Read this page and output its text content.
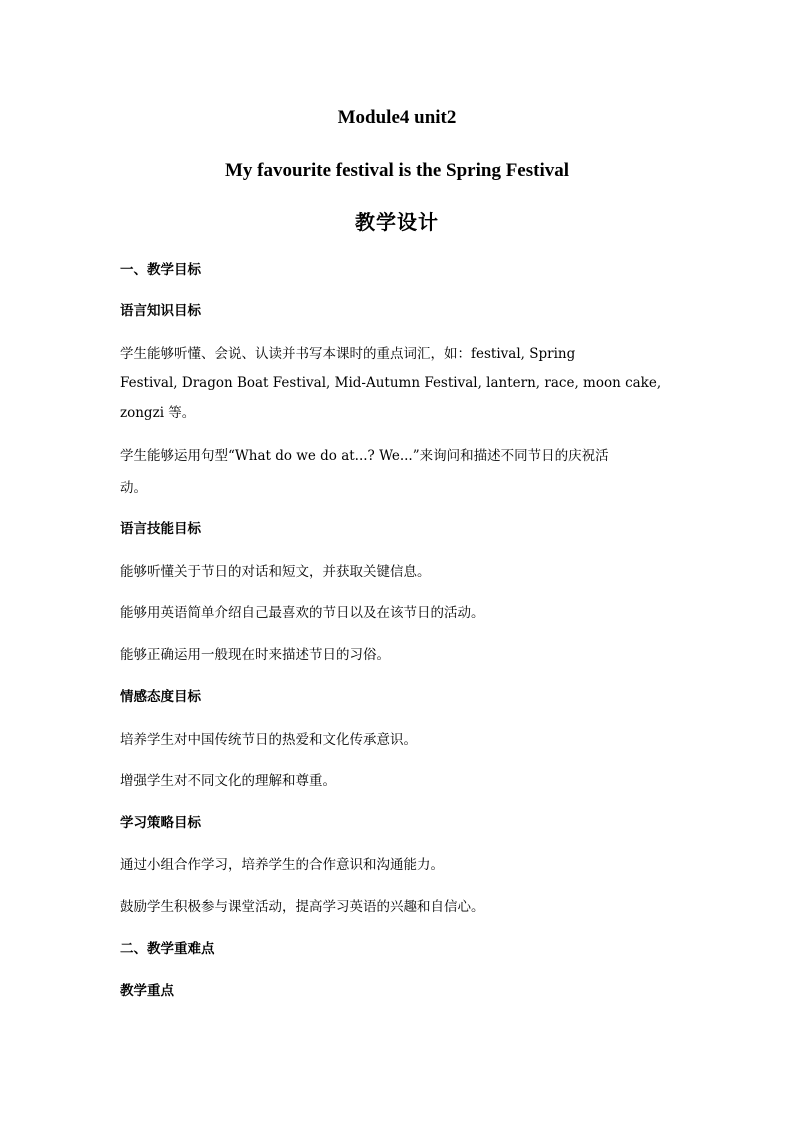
Module4 unit2
My favourite festival is the Spring Festival
教学设计
一、教学目标
语言知识目标
学生能够听懂、会说、认读并书写本课时的重点词汇，如：festival, Spring
Festival, Dragon Boat Festival, Mid-Autumn Festival, lantern, race, moon cake,
zongzi 等。
学生能够运用句型“What do we do at...? We...”来询问和描述不同节日的庆祝活
动。
语言技能目标
能够听懂关于节日的对话和短文，并获取关键信息。
能够用英语简单介绍自己最喜欢的节日以及在该节日的活动。
能够正确运用一般现在时来描述节日的习俗。
情感态度目标
培养学生对中国传统节日的热爱和文化传承意识。
增强学生对不同文化的理解和尊重。
学习策略目标
通过小组合作学习，培养学生的合作意识和沟通能力。
鼓励学生积极参与课堂活动，提高学习英语的兴趣和自信心。
二、教学重难点
教学重点
